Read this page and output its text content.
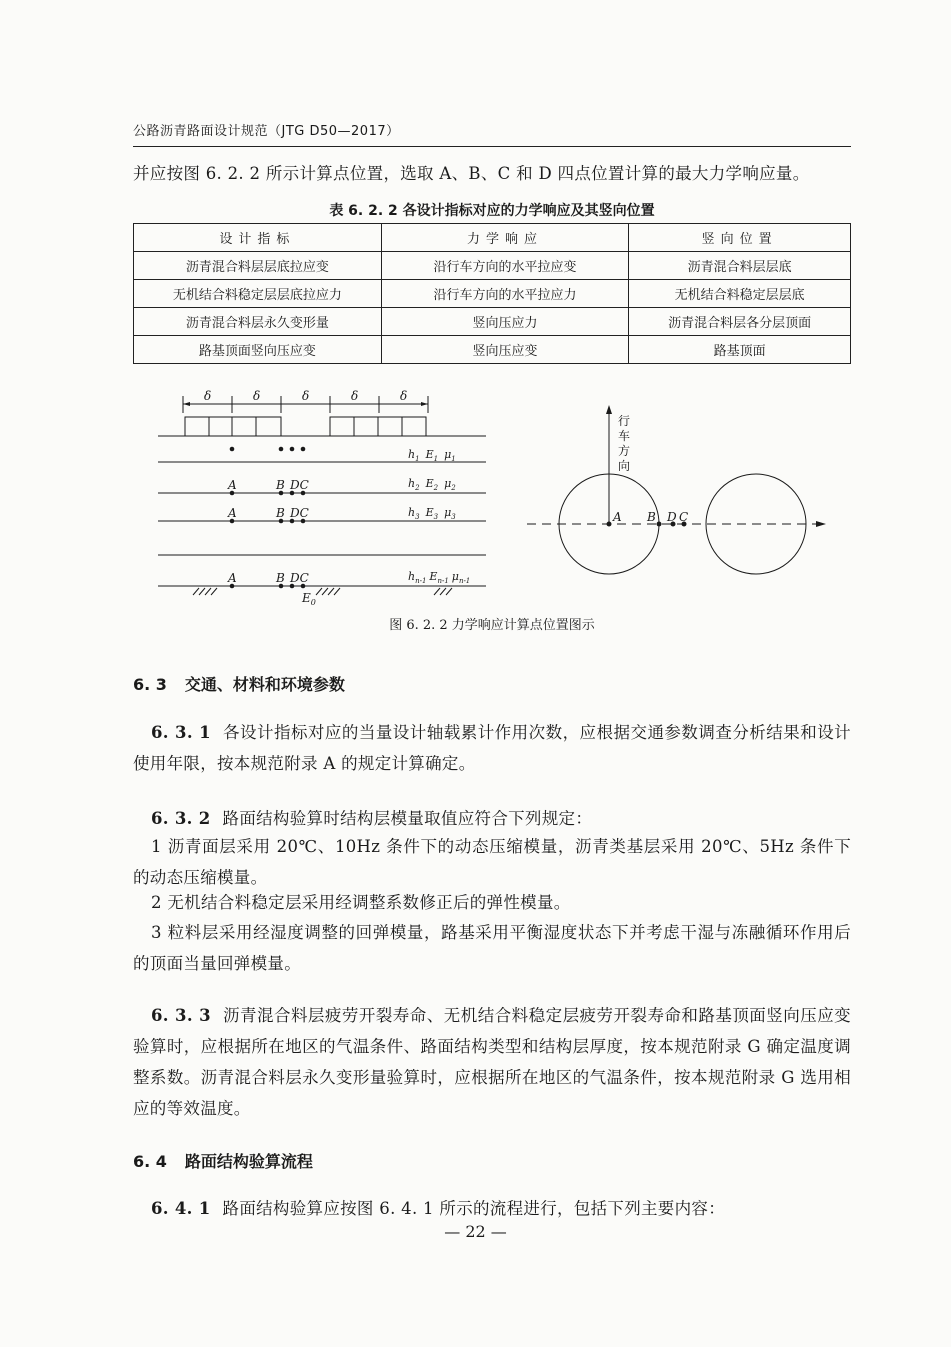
公路沥青路面设计规范（JTG D50—2017）
并应按图 6. 2. 2 所示计算点位置，选取 A、B、C 和 D 四点位置计算的最大力学响应量。
表 6. 2. 2 各设计指标对应的力学响应及其竖向位置
设计指标	力学响应	竖向位置
沥青混合料层层底拉应变	沿行车方向的水平拉应变	沥青混合料层层底
无机结合料稳定层层底拉应力	沿行车方向的水平拉应力	无机结合料稳定层层底
沥青混合料层永久变形量	竖向压应力	沥青混合料层各分层顶面
路基顶面竖向压应变	竖向压应变	路基顶面
δ	δ	δ	δ	δ
A	B DC
A	B DC
A	B DC
$E_0$
$h_1$ $E_1$ $\mu_1$
$h_2$ $E_2$ $\mu_2$
$h_3$ $E_3$ $\mu_3$
$h_{n-1}$ $E_{n-1}$ $\mu_{n-1}$
A B D C
行
车
方
向
图 6. 2. 2 力学响应计算点位置图示
6. 3 交通、材料和环境参数
6. 3. 1 各设计指标对应的当量设计轴载累计作用次数，应根据交通参数调查分析结果和设计使用年限，按本规范附录 A 的规定计算确定。
6. 3. 2 路面结构验算时结构层模量取值应符合下列规定：
1 沥青面层采用 20℃、10Hz 条件下的动态压缩模量，沥青类基层采用 20℃、5Hz 条件下的动态压缩模量。
2 无机结合料稳定层采用经调整系数修正后的弹性模量。
3 粒料层采用经湿度调整的回弹模量，路基采用平衡湿度状态下并考虑干湿与冻融循环作用后的顶面当量回弹模量。
6. 3. 3 沥青混合料层疲劳开裂寿命、无机结合料稳定层疲劳开裂寿命和路基顶面竖向压应变验算时，应根据所在地区的气温条件、路面结构类型和结构层厚度，按本规范附录 G 确定温度调整系数。沥青混合料层永久变形量验算时，应根据所在地区的气温条件，按本规范附录 G 选用相应的等效温度。
6. 4 路面结构验算流程
6. 4. 1 路面结构验算应按图 6. 4. 1 所示的流程进行，包括下列主要内容：
— 22 —
